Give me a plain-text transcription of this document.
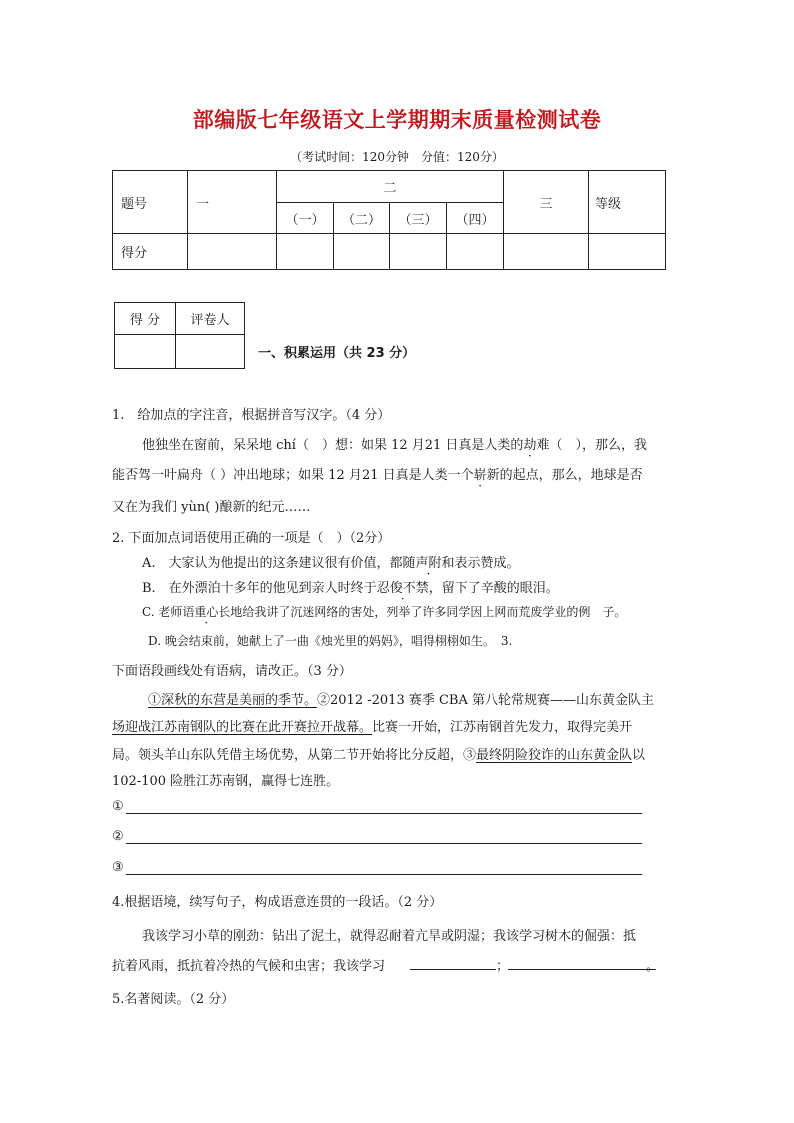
部编版七年级语文上学期期末质量检测试卷
（考试时间：120分钟　分值：120分）
题号	一	二				三	等级
		（一）	（二）	（三）	（四）		
得分							
得 分	评卷人

一、积累运用（共 23 分）
1.　给加点的字注音，根据拼音写汉字。（4 分）
他独坐在窗前，呆呆地 chí（　）想：如果 12 月21 日真是人类的劫难（　），那么，我
能否驾一叶扁舟（ ）冲出地球；如果 12 月21 日真是人类一个崭新的起点，那么，地球是否
又在为我们 yùn( )酿新的纪元……
2. 下面加点词语使用正确的一项是（　）（2分）
A.　大家认为他提出的这条建议很有价值，都随声附和表示赞成。
B.　在外漂泊十多年的他见到亲人时终于忍俊不禁，留下了辛酸的眼泪。
C. 老师语重心长地给我讲了沉迷网络的害处，列举了许多同学因上网而荒废学业的例　子。
D. 晚会结束前，她献上了一曲《烛光里的妈妈》，唱得栩栩如生。　3.
下面语段画线处有语病，请改正。（3 分）
①深秋的东营是美丽的季节。②2012 -2013 赛季 CBA 第八轮常规赛——山东黄金队主
场迎战江苏南钢队的比赛在此开赛拉开战幕。比赛一开始，江苏南钢首先发力，取得完美开
局。领头羊山东队凭借主场优势，从第二节开始将比分反超，③最终阴险狡诈的山东黄金队以
102-100 险胜江苏南钢，赢得七连胜。
①
②
③
4.根据语境，续写句子，构成语意连贯的一段话。（2 分）
我该学习小草的刚劲：钻出了泥土，就得忍耐着亢旱或阴湿；我该学习树木的倔强：抵
抗着风雨，抵抗着冷热的气候和虫害；我该学习	；	。
5.名著阅读。（2 分）
